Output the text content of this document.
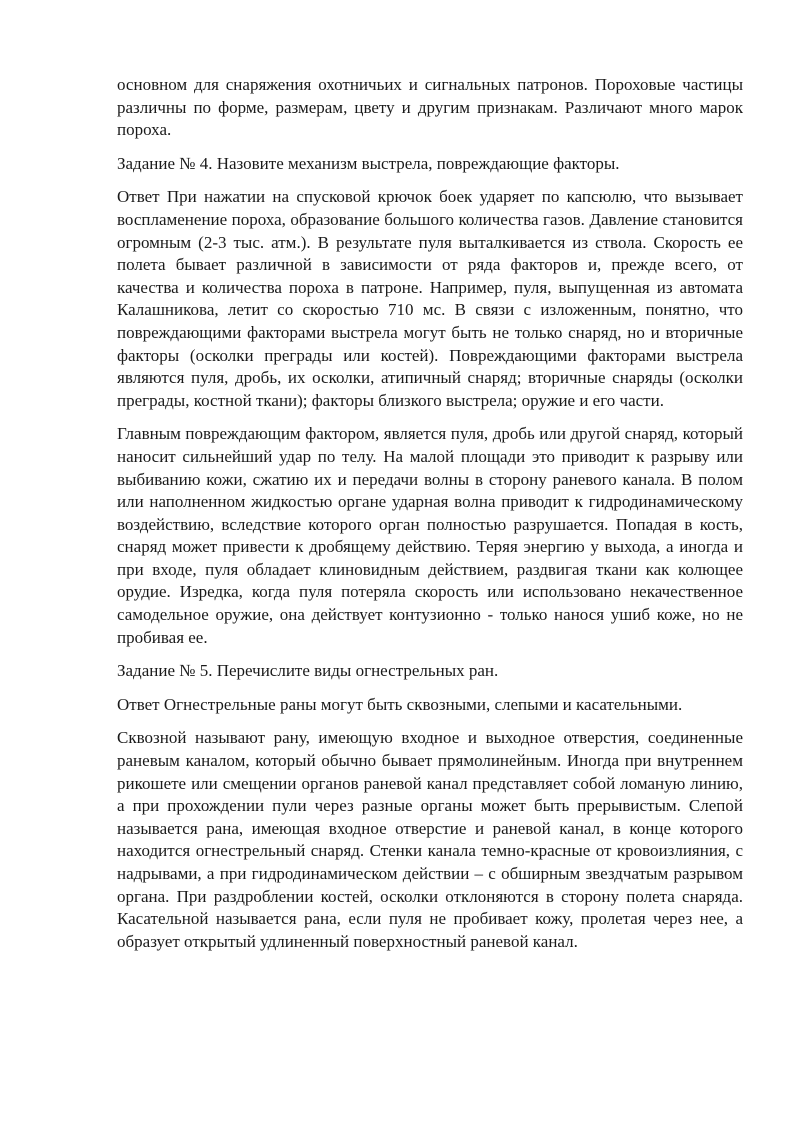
основном для снаряжения охотничьих и сигнальных патронов. Пороховые частицы различны по форме, размерам, цвету и другим признакам. Различают много марок пороха.

Задание № 4. Назовите механизм выстрела, повреждающие факторы.

Ответ При нажатии на спусковой крючок боек ударяет по капсюлю, что вызывает воспламенение пороха, образование большого количества газов. Давление становится огромным (2-3 тыс. атм.). В результате пуля выталкивается из ствола. Скорость ее полета бывает различной в зависимости от ряда факторов и, прежде всего, от качества и количества пороха в патроне. Например, пуля, выпущенная из автомата Калашникова, летит со скоростью 710 мс. В связи с изложенным, понятно, что повреждающими факторами выстрела могут быть не только снаряд, но и вторичные факторы (осколки преграды или костей). Повреждающими факторами выстрела являются пуля, дробь, их осколки, атипичный снаряд; вторичные снаряды (осколки преграды, костной ткани); факторы близкого выстрела; оружие и его части.

Главным повреждающим фактором, является пуля, дробь или другой снаряд, который наносит сильнейший удар по телу. На малой площади это приводит к разрыву или выбиванию кожи, сжатию их и передачи волны в сторону раневого канала. В полом или наполненном жидкостью органе ударная волна приводит к гидродинамическому воздействию, вследствие которого орган полностью разрушается. Попадая в кость, снаряд может привести к дробящему действию. Теряя энергию у выхода, а иногда и при входе, пуля обладает клиновидным действием, раздвигая ткани как колющее орудие. Изредка, когда пуля потеряла скорость или использовано некачественное самодельное оружие, она действует контузионно - только нанося ушиб коже, но не пробивая ее.

Задание № 5. Перечислите виды огнестрельных ран.

Ответ Огнестрельные раны могут быть сквозными, слепыми и касательными.

Сквозной называют рану, имеющую входное и выходное отверстия, соединенные раневым каналом, который обычно бывает прямолинейным. Иногда при внутреннем рикошете или смещении органов раневой канал представляет собой ломаную линию, а при прохождении пули через разные органы может быть прерывистым. Слепой называется рана, имеющая входное отверстие и раневой канал, в конце которого находится огнестрельный снаряд. Стенки канала темно-красные от кровоизлияния, с надрывами, а при гидродинамическом действии – с обширным звездчатым разрывом органа. При раздроблении костей, осколки отклоняются в сторону полета снаряда. Касательной называется рана, если пуля не пробивает кожу, пролетая через нее, а образует открытый удлиненный поверхностный раневой канал.
